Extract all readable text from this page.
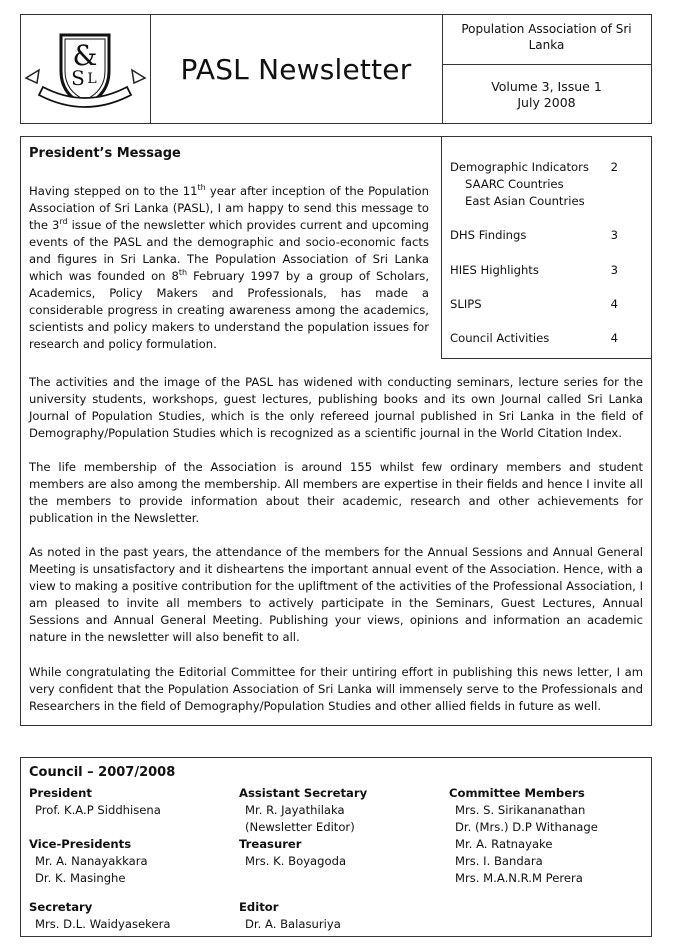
&
S L	PASL Newsletter
Population Association of Sri Lanka
Volume 3, Issue 1
July 2008
President’s Message

Having stepped on to the 11th year after inception of the Population Association of Sri Lanka (PASL), I am happy to send this message to the 3rd issue of the newsletter which provides current and upcoming events of the PASL and the demographic and socio-economic facts and figures in Sri Lanka. The Population Association of Sri Lanka which was founded on 8th February 1997 by a group of Scholars, Academics, Policy Makers and Professionals, has made a considerable progress in creating awareness among the academics, scientists and policy makers to understand the population issues for research and policy formulation.

Demographic Indicators 2
SAARC Countries
East Asian Countries
DHS Findings	3
HIES Highlights	3
SLIPS	4
Council Activities	4

The activities and the image of the PASL has widened with conducting seminars, lecture series for the university students, workshops, guest lectures, publishing books and its own Journal called Sri Lanka Journal of Population Studies, which is the only refereed journal published in Sri Lanka in the field of Demography/Population Studies which is recognized as a scientific journal in the World Citation Index.

The life membership of the Association is around 155 whilst few ordinary members and student members are also among the membership. All members are expertise in their fields and hence I invite all the members to provide information about their academic, research and other achievements for publication in the Newsletter.

As noted in the past years, the attendance of the members for the Annual Sessions and Annual General Meeting is unsatisfactory and it disheartens the important annual event of the Association. Hence, with a view to making a positive contribution for the upliftment of the activities of the Professional Association, I am pleased to invite all members to actively participate in the Seminars, Guest Lectures, Annual Sessions and Annual General Meeting. Publishing your views, opinions and information an academic nature in the newsletter will also benefit to all.

While congratulating the Editorial Committee for their untiring effort in publishing this news letter, I am very confident that the Population Association of Sri Lanka will immensely serve to the Professionals and Researchers in the field of Demography/Population Studies and other allied fields in future as well.

Council – 2007/2008
President
Prof. K.A.P Siddhisena
Vice-Presidents
Mr. A. Nanayakkara
Dr. K. Masinghe
Secretary
Mrs. D.L. Waidyasekera
Assistant Secretary
Mr. R. Jayathilaka
(Newsletter Editor)
Treasurer
Mrs. K. Boyagoda
Editor
Dr. A. Balasuriya
Committee Members
Mrs. S. Sirikananathan
Dr. (Mrs.) D.P Withanage
Mr. A. Ratnayake
Mrs. I. Bandara
Mrs. M.A.N.R.M Perera
